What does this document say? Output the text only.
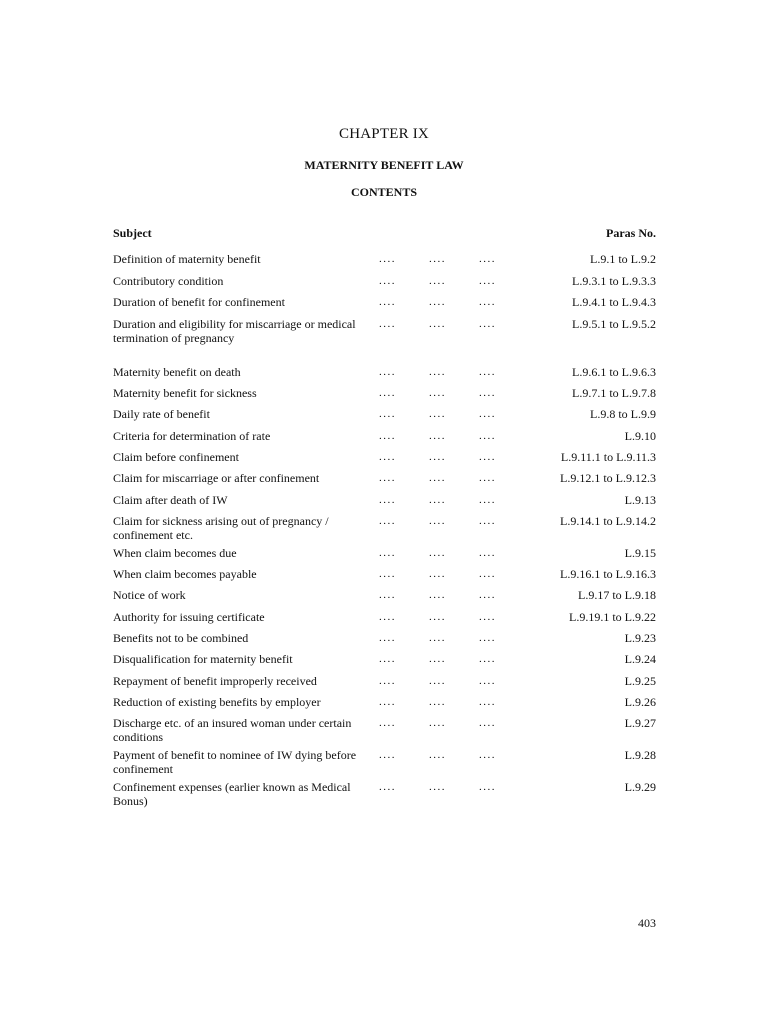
CHAPTER IX
MATERNITY BENEFIT LAW
CONTENTS
Subject	Paras No.
Definition of maternity benefit	....	....	....	L.9.1 to L.9.2
Contributory condition	....	....	....	L.9.3.1 to L.9.3.3
Duration of benefit for confinement	....	....	....	L.9.4.1 to L.9.4.3
Duration and eligibility for miscarriage or medical termination of pregnancy
....	....	....	L.9.5.1 to L.9.5.2
Maternity benefit on death	....	....	....	L.9.6.1 to L.9.6.3
Maternity benefit for sickness	....	....	....	L.9.7.1 to L.9.7.8
Daily rate of benefit	....	....	....	L.9.8 to L.9.9
Criteria for determination of rate	....	....	....	L.9.10
Claim before confinement	....	....	....	L.9.11.1 to L.9.11.3
Claim for miscarriage or after confinement	....	....	....	L.9.12.1 to L.9.12.3
Claim after death of IW	....	....	....	L.9.13
Claim for sickness arising out of pregnancy / confinement etc.
....	....	....	L.9.14.1 to L.9.14.2
When claim becomes due	....	....	....	L.9.15
When claim becomes payable	....	....	....	L.9.16.1 to L.9.16.3
Notice of work	....	....	....	L.9.17 to L.9.18
Authority for issuing certificate	....	....	....	L.9.19.1 to L.9.22
Benefits not to be combined	....	....	....	L.9.23
Disqualification for maternity benefit	....	....	....	L.9.24
Repayment of benefit improperly received	....	....	....	L.9.25
Reduction of existing benefits by employer	....	....	....	L.9.26
Discharge etc. of an insured woman under certain conditions
....	....	....	L.9.27
Payment of benefit to nominee of IW dying before confinement
....	....	....	L.9.28
Confinement expenses (earlier known as Medical Bonus)
....	....	....	L.9.29
403
